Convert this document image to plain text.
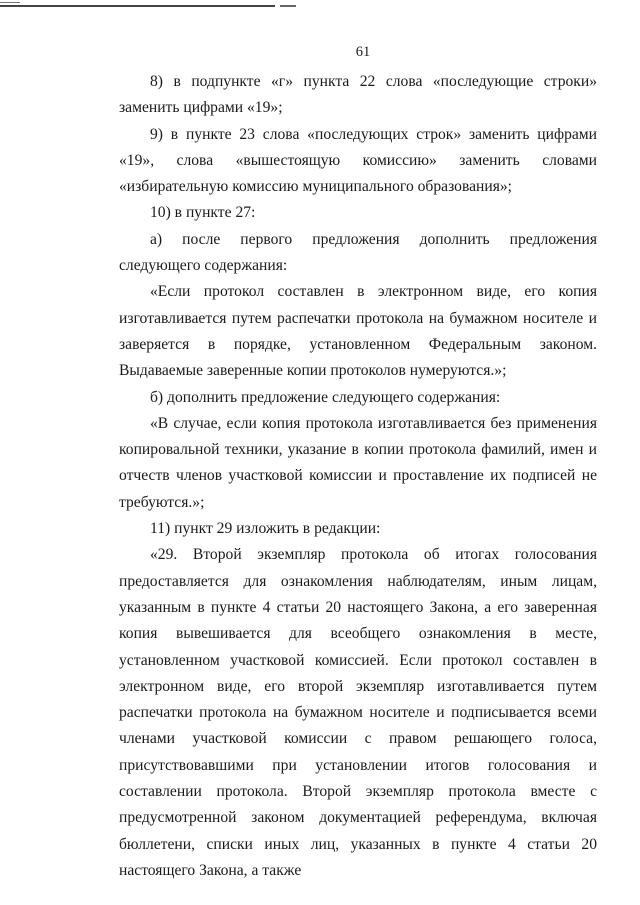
61

8) в подпункте «г» пункта 22 слова «последующие строки» заменить цифрами «19»;

9) в пункте 23 слова «последующих строк» заменить цифрами «19», слова «вышестоящую комиссию» заменить словами «избирательную комиссию муниципального образования»;

10) в пункте 27:

а) после первого предложения дополнить предложения следующего содержания:

«Если протокол составлен в электронном виде, его копия изготавливается путем распечатки протокола на бумажном носителе и заверяется в порядке, установленном Федеральным законом. Выдаваемые заверенные копии протоколов нумеруются.»;

б) дополнить предложение следующего содержания:

«В случае, если копия протокола изготавливается без применения копировальной техники, указание в копии протокола фамилий, имен и отчеств членов участковой комиссии и проставление их подписей не требуются.»;

11) пункт 29 изложить в редакции:

«29. Второй экземпляр протокола об итогах голосования предоставляется для ознакомления наблюдателям, иным лицам, указанным в пункте 4 статьи 20 настоящего Закона, а его заверенная копия вывешивается для всеобщего ознакомления в месте, установленном участковой комиссией. Если протокол составлен в электронном виде, его второй экземпляр изготавливается путем распечатки протокола на бумажном носителе и подписывается всеми членами участковой комиссии с правом решающего голоса, присутствовавшими при установлении итогов голосования и составлении протокола. Второй экземпляр протокола вместе с предусмотренной законом документацией референдума, включая бюллетени, списки иных лиц, указанных в пункте 4 статьи 20 настоящего Закона, а также
